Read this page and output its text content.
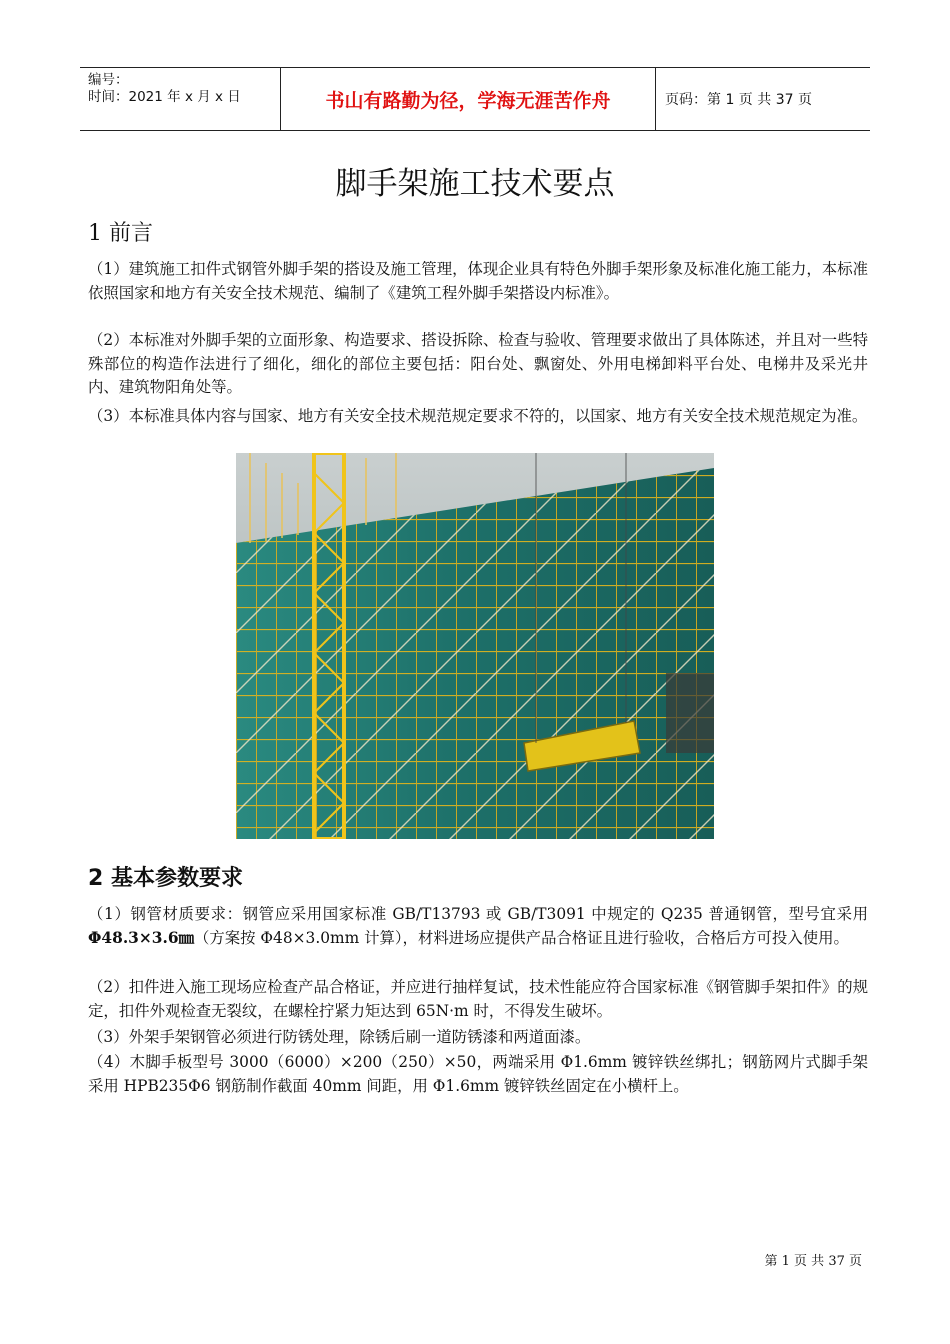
编号：
时间：2021 年 x 月 x 日	书山有路勤为径，学海无涯苦作舟	页码：第 1 页 共 37 页
脚手架施工技术要点
1 前言
（1）建筑施工扣件式钢管外脚手架的搭设及施工管理，体现企业具有特色外脚手架形象及标准化施工能力，本标准依照国家和地方有关安全技术规范、编制了《建筑工程外脚手架搭设内标准》。
（2）本标准对外脚手架的立面形象、构造要求、搭设拆除、检查与验收、管理要求做出了具体陈述，并且对一些特殊部位的构造作法进行了细化，细化的部位主要包括：阳台处、飘窗处、外用电梯卸料平台处、电梯井及采光井内、建筑物阳角处等。
（3）本标准具体内容与国家、地方有关安全技术规范规定要求不符的，以国家、地方有关安全技术规范规定为准。
2 基本参数要求
（1）钢管材质要求：钢管应采用国家标准 GB/T13793 或 GB/T3091 中规定的 Q235 普通钢管，型号宜采用 Φ48.3×3.6㎜（方案按 Φ48×3.0mm 计算），材料进场应提供产品合格证且进行验收，合格后方可投入使用。
（2）扣件进入施工现场应检查产品合格证，并应进行抽样复试，技术性能应符合国家标准《钢管脚手架扣件》的规定，扣件外观检查无裂纹，在螺栓拧紧力矩达到 65N·m 时，不得发生破坏。
（3）外架手架钢管必须进行防锈处理，除锈后刷一道防锈漆和两道面漆。
（4）木脚手板型号 3000（6000）×200（250）×50，两端采用 Φ1.6mm 镀锌铁丝绑扎；钢筋网片式脚手架采用 HPB235Φ6 钢筋制作截面 40mm 间距，用 Φ1.6mm 镀锌铁丝固定在小横杆上。
第 1 页 共 37 页
